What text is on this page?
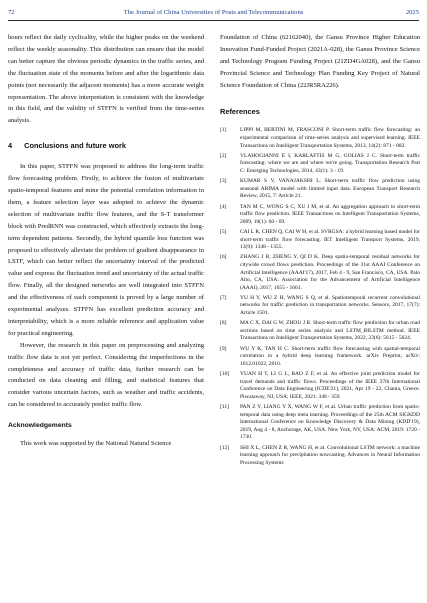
72	The Journal of China Universities of Posts and Telecommunications	2025

hours reflect the daily cyclicality, while the higher peaks on the weekend reflect the weekly seasonality. This distribution can ensure that the model can better capture the obvious periodic dynamics in the traffic series, and the fluctuation state of the moments before and after the logarithmic data points (not necessarily the adjacent moments) has a more accurate weight representation. The above interpretation is consistent with the knowledge in this field, and the validity of STFFN is verified from the time-series analysis.

4 Conclusions and future work

In this paper, STFFN was proposed to address the long-term traffic flow forecasting problem. Firstly, to achieve the fusion of multivariate spatio-temporal features and mine the potential correlation information in them, a feature selection layer was adopted to achieve the dynamic selection of multivariate traffic flow features, and the S-T transformer block with PredRNN was constructed, which effectively extracts the long-term dependent patterns. Secondly, the hybrid quantile loss function was proposed to effectively alleviate the problem of gradient disappearance in LSTF, which can better reflect the uncertainty interval of the predicted value and express the fluctuation trend and uncertainty of the actual traffic flow. Finally, all the designed networks are well integrated into STFFN and the effectiveness of each component is proved by a large number of experimental analyses. STFFN has excellent prediction accuracy and interpretability, which is a more reliable reference and application value for practical engineering.

However, the research in this paper on preprocessing and analyzing traffic flow data is not yet perfect. Considering the imperfections in the completeness and accuracy of traffic data, further research can be conducted on data cleaning and filling, and statistical features that consider various uncertain factors, such as weather and traffic accidents, can be considered to accurately predict traffic flow.

Acknowledgements

This work was supported by the National Natural Science

Foundation of China (62162040), the Gansu Province Higher Education Innovation Fund-Funded Project (2021A-028), the Gansu Province Science and Technology Program Funding Project (21ZD4GA028), and the Gansu Provincial Science and Technology Plan Funding Key Project of Natural Science Foundation of China (22JR5RA226).

References
[1]	LIPPI M, BERTINI M, FRASCONI P. Short-term traffic flow forecasting: an experimental comparison of time-series analysis and supervised learning. IEEE Transactions on Intelligent Transportation Systems, 2013, 14(2): 871 - 882.
[2]	VLAHOGIANNI E I, KARLAFTIS M G, GOLIAS J C. Short-term traffic forecasting: where we are and where we're going. Transportation Research Part C: Emerging Technologies, 2014, 43(1): 3 - 19.
[3]	KUMAR S V, VANAJAKSHI L. Short-term traffic flow prediction using seasonal ARIMA model with limited input data. European Transport Research Review, 2015, 7: Article 21.
[4]	TAN M C, WONG S C, XU J M, et al. An aggregation approach to short-term traffic flow prediction. IEEE Transactions on Intelligent Transportation Systems, 2009, 10(1): 60 - 69.
[5]	CAI L R, CHEN Q, CAI W H, et al. SVRGSA: a hybrid learning based model for short-term traffic flow forecasting. IET Intelligent Transport Systems, 2019, 13(9): 1348 - 1355.
[6]	ZHANG J B, ZHENG Y, QI D K. Deep spatio-temporal residual networks for citywide crowd flows prediction. Proceedings of the 31st AAAI Conference on Artificial Intelligence (AAAI'17), 2017, Feb 4 - 9, San Francisco, CA, USA. Palo Alto, CA, USA: Association for the Advancement of Artificial Intelligence (AAAI), 2017, 1655 - 1661.
[7]	YU H Y, WU Z H, WANG S Q, et al. Spatiotemporal recurrent convolutional networks for traffic prediction in transportation networks. Sensors, 2017, 17(7): Article 1501.
[8]	MA C X, DAI G W, ZHOU J B. Short-term traffic flow prediction for urban road sections based on time series analysis and LSTM_BILSTM method. IEEE Transactions on Intelligent Transportation Systems, 2022, 23(6): 5615 - 5624.
[9]	WU Y K, TAN H C. Short-term traffic flow forecasting with spatial-temporal correlation in a hybrid deep learning framework. arXiv Preprint, arXiv: 1612.01022, 2016.
[10]	YUAN H T, LI G L, BAO Z F, et al. An effective joint prediction model for travel demands and traffic flows. Proceedings of the IEEE 37th International Conference on Data Engineering (ICDE'21), 2021, Apr 19 - 22, Chania, Greece. Piscataway, NJ, USA: IEEE, 2021: 348 - 359.
[11]	PAN Z Y, LIANG Y X, WANG W F, et al. Urban traffic prediction from spatio-temporal data using deep meta learning. Proceedings of the 25th ACM SIGKDD International Conference on Knowledge Discovery & Data Mining (KDD'19), 2019, Aug 4 - 8, Anchorage, AK, USA. New York, NY, USA: ACM, 2019: 1720 - 1730.
[12]	SHI X L, CHEN Z R, WANG H, et al. Convolutional LSTM network: a machine learning approach for precipitation nowcasting. Advances in Neural Information Processing Systems
